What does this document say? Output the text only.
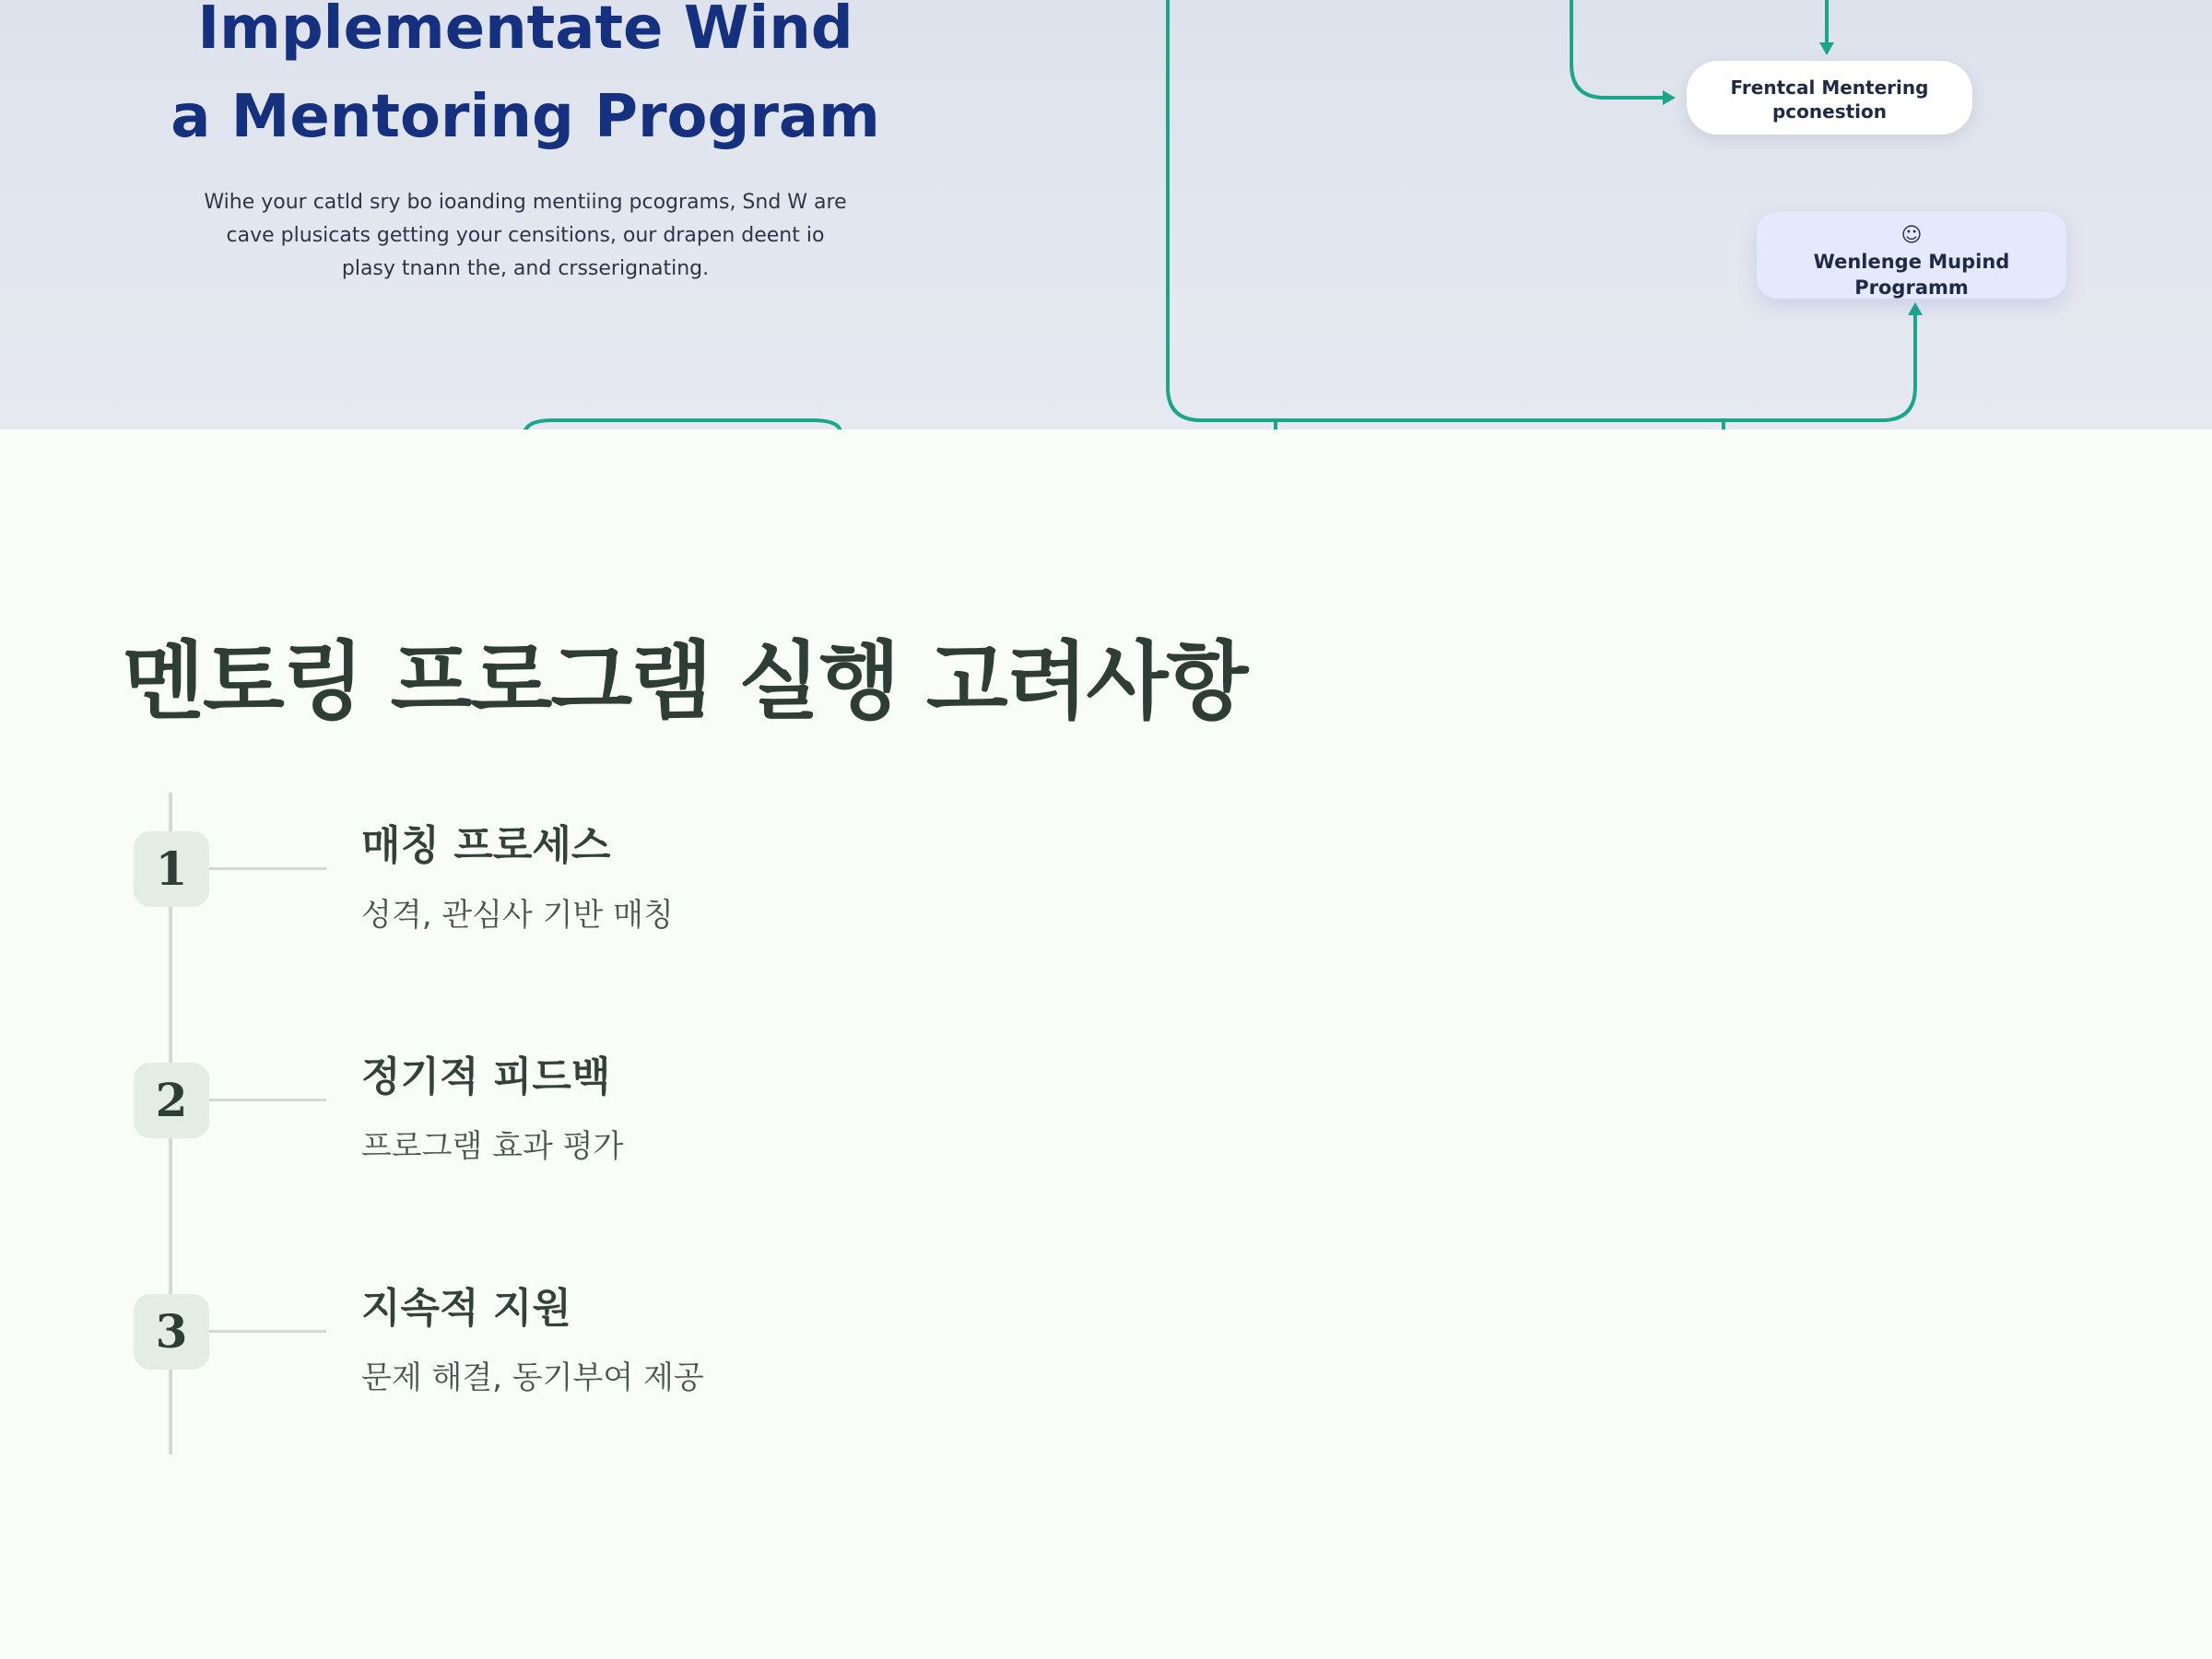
Implementate Wind
a Mentoring Program
Wihe your catld sry bo ioanding mentiing pcograms, Snd W are cave plusicats getting your censitions, our drapen deent io plasy tnann the, and crsserignating.
Frentcal Mentering pconestion
☺
Wenlenge Mupind Programm
멘토링 프로그램 실행 고려사항
1	매칭 프로세스

성격, 관심사 기반 매칭

2	정기적 피드백

프로그램 효과 평가

3	지속적 지원

문제 해결, 동기부여 제공
